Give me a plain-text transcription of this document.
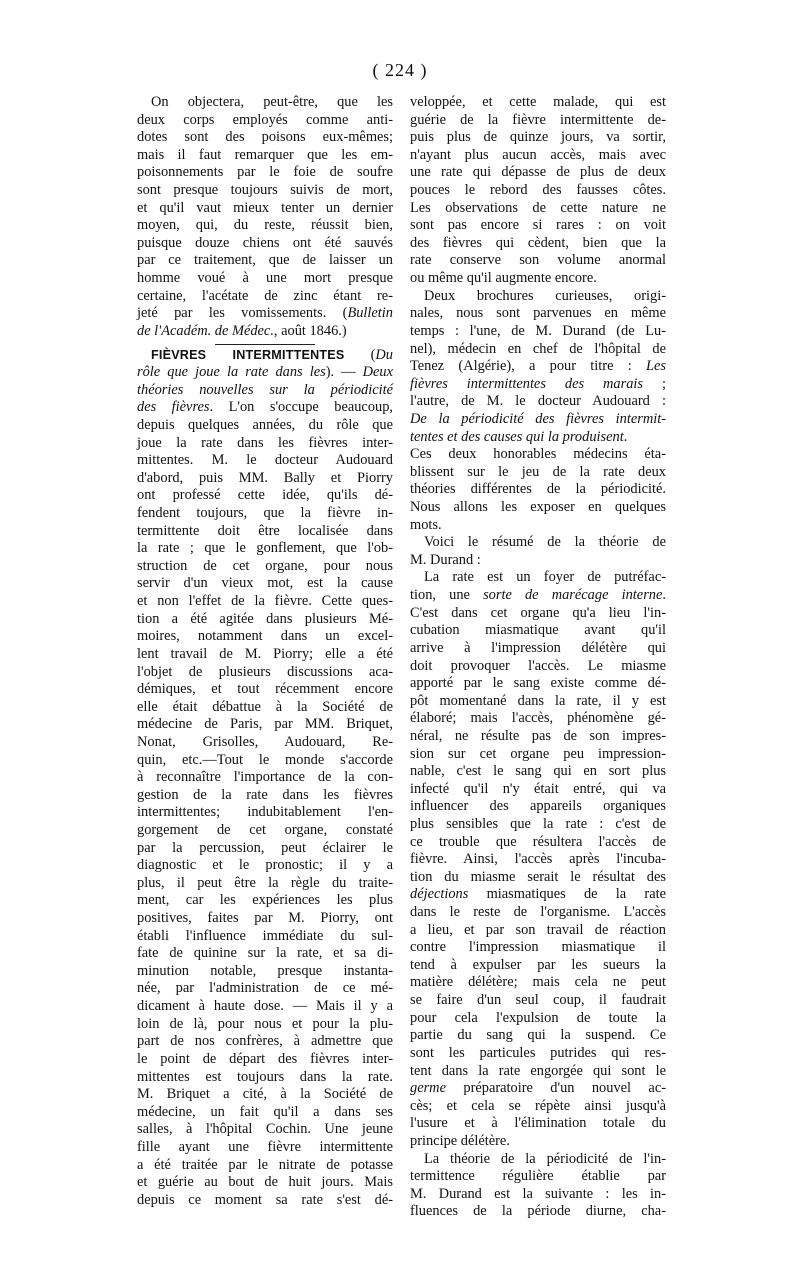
( 224 )
On objectera, peut-être, que les
deux corps employés comme anti-
dotes sont des poisons eux-mêmes;
mais il faut remarquer que les em-
poisonnements par le foie de soufre
sont presque toujours suivis de mort,
et qu'il vaut mieux tenter un dernier
moyen, qui, du reste, réussit bien,
puisque douze chiens ont été sauvés
par ce traitement, que de laisser un
homme voué à une mort presque
certaine, l'acétate de zinc étant re-
jeté par les vomissements. (Bulletin
de l'Académ. de Médec., août 1846.)
FIÈVRES INTERMITTENTES (Du
rôle que joue la rate dans les). — Deux
théories nouvelles sur la périodicité
des fièvres. L'on s'occupe beaucoup,
depuis quelques années, du rôle que
joue la rate dans les fièvres inter-
mittentes. M. le docteur Audouard
d'abord, puis MM. Bally et Piorry
ont professé cette idée, qu'ils dé-
fendent toujours, que la fièvre in-
termittente doit être localisée dans
la rate ; que le gonflement, que l'ob-
struction de cet organe, pour nous
servir d'un vieux mot, est la cause
et non l'effet de la fièvre. Cette ques-
tion a été agitée dans plusieurs Mé-
moires, notamment dans un excel-
lent travail de M. Piorry; elle a été
l'objet de plusieurs discussions aca-
démiques, et tout récemment encore
elle était débattue à la Société de
médecine de Paris, par MM. Briquet,
Nonat, Grisolles, Audouard, Re-
quin, etc.—Tout le monde s'accorde
à reconnaître l'importance de la con-
gestion de la rate dans les fièvres
intermittentes; indubitablement l'en-
gorgement de cet organe, constaté
par la percussion, peut éclairer le
diagnostic et le pronostic; il y a
plus, il peut être la règle du traite-
ment, car les expériences les plus
positives, faites par M. Piorry, ont
établi l'influence immédiate du sul-
fate de quinine sur la rate, et sa di-
minution notable, presque instanta-
née, par l'administration de ce mé-
dicament à haute dose. — Mais il y a
loin de là, pour nous et pour la plu-
part de nos confrères, à admettre que
le point de départ des fièvres inter-
mittentes est toujours dans la rate.
M. Briquet a cité, à la Société de
médecine, un fait qu'il a dans ses
salles, à l'hôpital Cochin. Une jeune
fille ayant une fièvre intermittente
a été traitée par le nitrate de potasse
et guérie au bout de huit jours. Mais
depuis ce moment sa rate s'est dé-
veloppée, et cette malade, qui est
guérie de la fièvre intermittente de-
puis plus de quinze jours, va sortir,
n'ayant plus aucun accès, mais avec
une rate qui dépasse de plus de deux
pouces le rebord des fausses côtes.
Les observations de cette nature ne
sont pas encore si rares : on voit
des fièvres qui cèdent, bien que la
rate conserve son volume anormal
ou même qu'il augmente encore.
Deux brochures curieuses, origi-
nales, nous sont parvenues en même
temps : l'une, de M. Durand (de Lu-
nel), médecin en chef de l'hôpital de
Tenez (Algérie), a pour titre : Les
fièvres intermittentes des marais ;
l'autre, de M. le docteur Audouard :
De la périodicité des fièvres intermit-
tentes et des causes qui la produisent.
Ces deux honorables médecins éta-
blissent sur le jeu de la rate deux
théories différentes de la périodicité.
Nous allons les exposer en quelques
mots.
Voici le résumé de la théorie de
M. Durand :
La rate est un foyer de putréfac-
tion, une sorte de marécage interne.
C'est dans cet organe qu'a lieu l'in-
cubation miasmatique avant qu'il
arrive à l'impression délétère qui
doit provoquer l'accès. Le miasme
apporté par le sang existe comme dé-
pôt momentané dans la rate, il y est
élaboré; mais l'accès, phénomène gé-
néral, ne résulte pas de son impres-
sion sur cet organe peu impression-
nable, c'est le sang qui en sort plus
infecté qu'il n'y était entré, qui va
influencer des appareils organiques
plus sensibles que la rate : c'est de
ce trouble que résultera l'accès de
fièvre. Ainsi, l'accès après l'incuba-
tion du miasme serait le résultat des
déjections miasmatiques de la rate
dans le reste de l'organisme. L'accès
a lieu, et par son travail de réaction
contre l'impression miasmatique il
tend à expulser par les sueurs la
matière délétère; mais cela ne peut
se faire d'un seul coup, il faudrait
pour cela l'expulsion de toute la
partie du sang qui la suspend. Ce
sont les particules putrides qui res-
tent dans la rate engorgée qui sont le
germe préparatoire d'un nouvel ac-
cès; et cela se répète ainsi jusqu'à
l'usure et à l'élimination totale du
principe délétère.
La théorie de la périodicité de l'in-
termittence régulière établie par
M. Durand est la suivante : les in-
fluences de la période diurne, cha-
